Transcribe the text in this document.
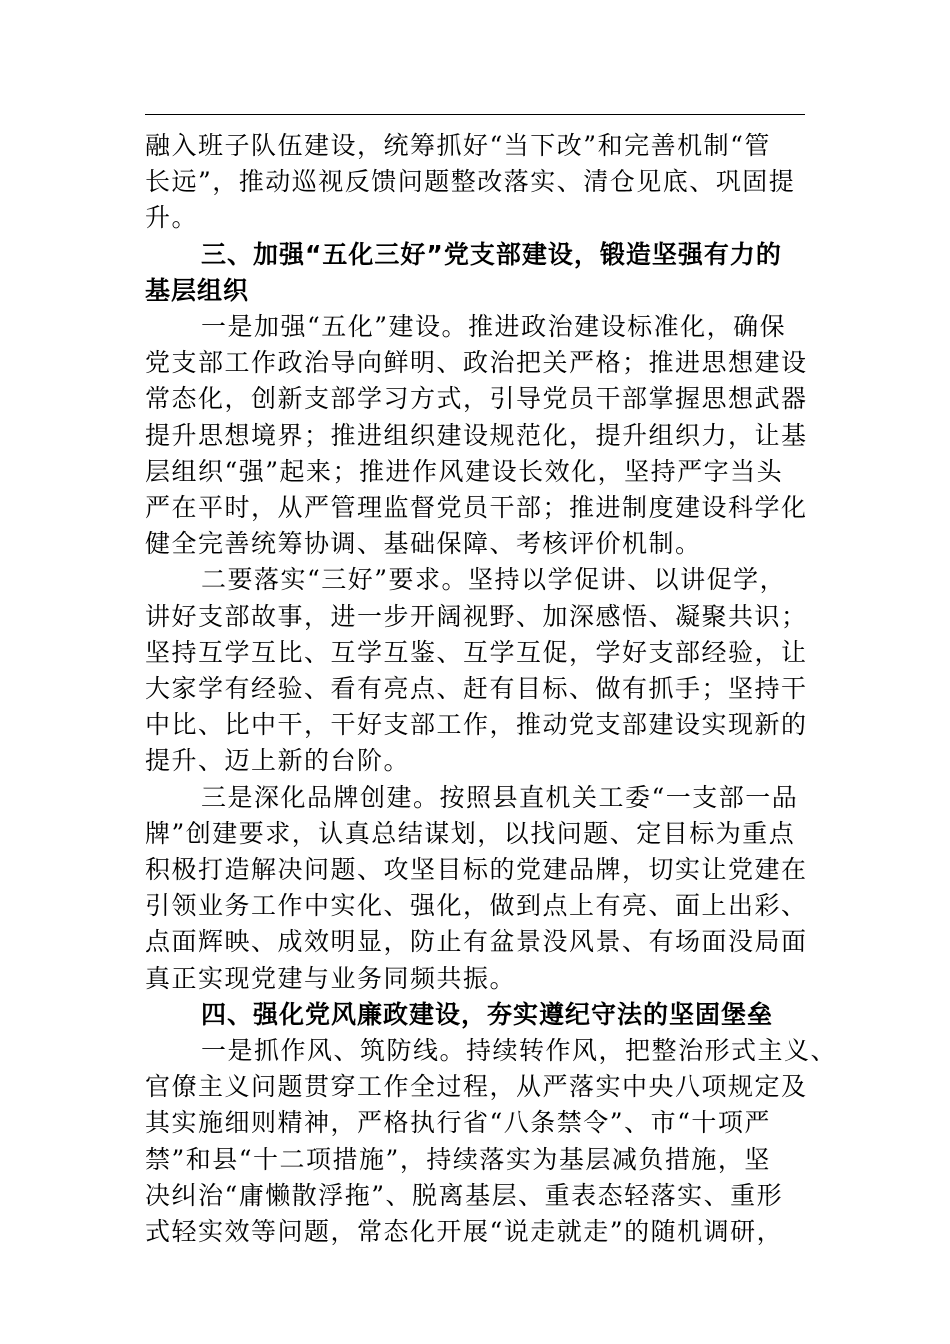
融入班子队伍建设，统筹抓好“当下改”和完善机制“管

长远”，推动巡视反馈问题整改落实、清仓见底、巩固提

升。

三、加强“五化三好”党支部建设，锻造坚强有力的

基层组织

一是加强“五化”建设。推进政治建设标准化，确保

党支部工作政治导向鲜明、政治把关严格；推进思想建设

常态化，创新支部学习方式，引导党员干部掌握思想武器

提升思想境界；推进组织建设规范化，提升组织力，让基

层组织“强”起来；推进作风建设长效化，坚持严字当头

严在平时，从严管理监督党员干部；推进制度建设科学化

健全完善统筹协调、基础保障、考核评价机制。

二要落实“三好”要求。坚持以学促讲、以讲促学，

讲好支部故事，进一步开阔视野、加深感悟、凝聚共识；

坚持互学互比、互学互鉴、互学互促，学好支部经验，让

大家学有经验、看有亮点、赶有目标、做有抓手；坚持干

中比、比中干，干好支部工作，推动党支部建设实现新的

提升、迈上新的台阶。

三是深化品牌创建。按照县直机关工委“一支部一品

牌”创建要求，认真总结谋划，以找问题、定目标为重点

积极打造解决问题、攻坚目标的党建品牌，切实让党建在

引领业务工作中实化、强化，做到点上有亮、面上出彩、

点面辉映、成效明显，防止有盆景没风景、有场面没局面

真正实现党建与业务同频共振。

四、强化党风廉政建设，夯实遵纪守法的坚固堡垒

一是抓作风、筑防线。持续转作风，把整治形式主义、

官僚主义问题贯穿工作全过程，从严落实中央八项规定及

其实施细则精神，严格执行省“八条禁令”、市“十项严

禁”和县“十二项措施”，持续落实为基层减负措施，坚

决纠治“庸懒散浮拖”、脱离基层、重表态轻落实、重形

式轻实效等问题，常态化开展“说走就走”的随机调研，
